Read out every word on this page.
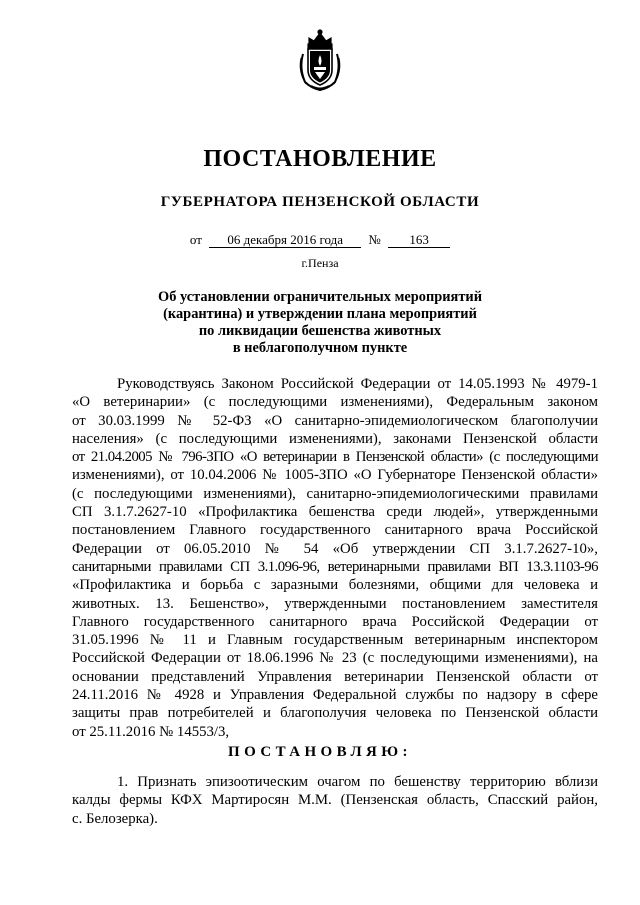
ПОСТАНОВЛЕНИЕ
ГУБЕРНАТОРА ПЕНЗЕНСКОЙ ОБЛАСТИ
от 06 декабря 2016 года № 163
г.Пенза
Об установлении ограничительных мероприятий
(карантина) и утверждении плана мероприятий
по ликвидации бешенства животных
в неблагополучном пункте
Руководствуясь Законом Российской Федерации от 14.05.1993 № 4979-1
«О ветеринарии» (с последующими изменениями), Федеральным законом
от 30.03.1999 № 52-ФЗ «О санитарно-эпидемиологическом благополучии
населения» (с последующими изменениями), законами Пензенской области
от 21.04.2005 № 796-ЗПО «О ветеринарии в Пензенской области» (с последующими
изменениями), от 10.04.2006 № 1005-ЗПО «О Губернаторе Пензенской области»
(с последующими изменениями), санитарно-эпидемиологическими правилами
СП 3.1.7.2627-10 «Профилактика бешенства среди людей», утвержденными
постановлением Главного государственного санитарного врача Российской
Федерации от 06.05.2010 № 54 «Об утверждении СП 3.1.7.2627-10»,
санитарными правилами СП 3.1.096-96, ветеринарными правилами ВП 13.3.1103-96
«Профилактика и борьба с заразными болезнями, общими для человека и
животных. 13. Бешенство», утвержденными постановлением заместителя
Главного государственного санитарного врача Российской Федерации от
31.05.1996 № 11 и Главным государственным ветеринарным инспектором
Российской Федерации от 18.06.1996 № 23 (с последующими изменениями), на
основании представлений Управления ветеринарии Пензенской области от
24.11.2016 № 4928 и Управления Федеральной службы по надзору в сфере
защиты прав потребителей и благополучия человека по Пензенской области
от 25.11.2016 № 14553/3,
ПОСТАНОВЛЯЮ:
1. Признать эпизоотическим очагом по бешенству территорию вблизи
калды фермы КФХ Мартиросян М.М. (Пензенская область, Спасский район,
с. Белозерка).
